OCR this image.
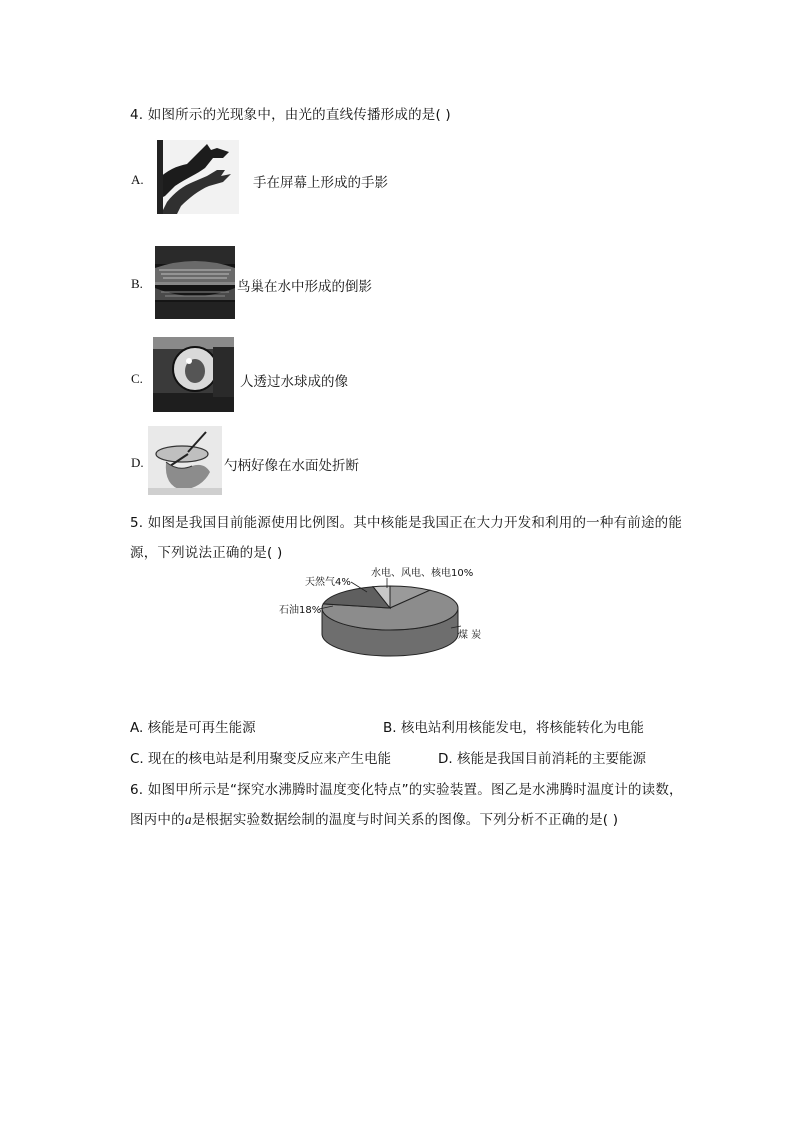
4. 如图所示的光现象中，由光的直线传播形成的是( )
A.	手在屏幕上形成的手影
B.	鸟巢在水中形成的倒影
C.	人透过水球成的像
D.	勺柄好像在水面处折断
5. 如图是我国目前能源使用比例图。其中核能是我国正在大力开发和利用的一种有前途的能
源，下列说法正确的是( )
煤 炭
石油18%
天然气4%
水电、风电、核电10%
A. 核能是可再生能源	B. 核电站利用核能发电，将核能转化为电能
C. 现在的核电站是利用聚变反应来产生电能	D. 核能是我国目前消耗的主要能源
6. 如图甲所示是“探究水沸腾时温度变化特点”的实验装置。图乙是水沸腾时温度计的读数，
图丙中的a是根据实验数据绘制的温度与时间关系的图像。下列分析不正确的是( )
